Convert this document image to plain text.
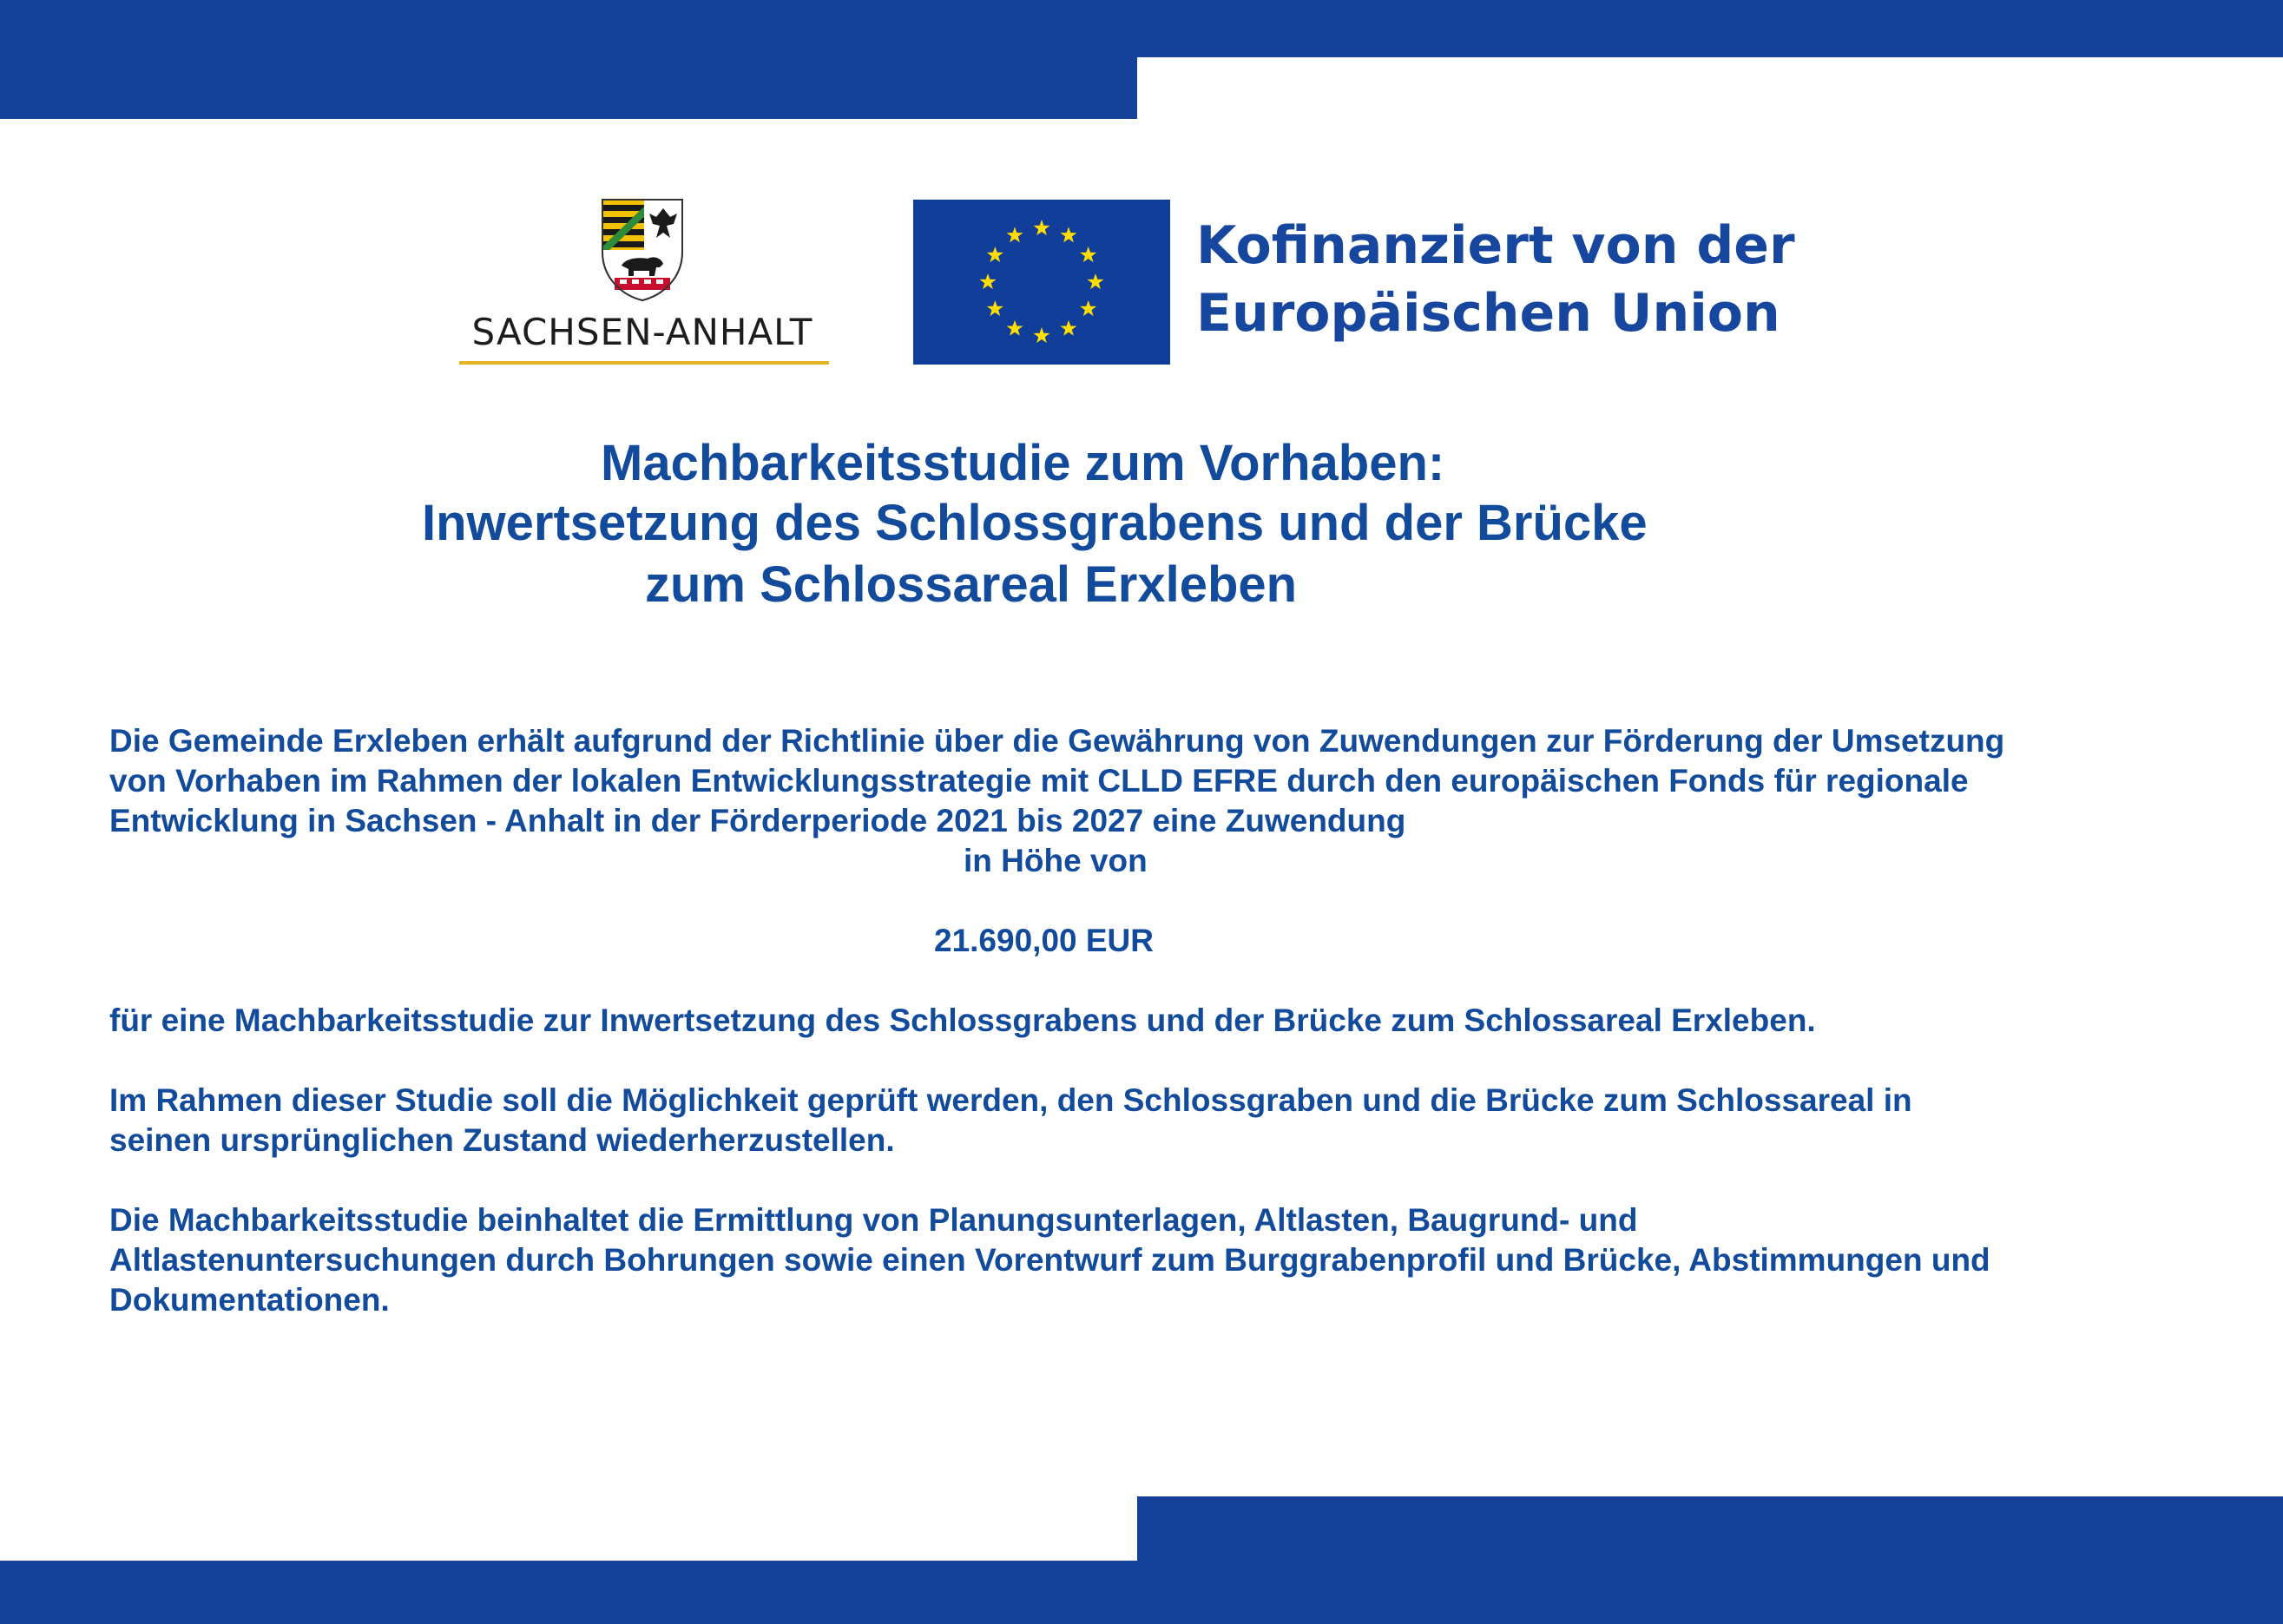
SACHSEN-ANHALT
Kofinanziert von der
Europäischen Union
Machbarkeitsstudie zum Vorhaben:
Inwertsetzung des Schlossgrabens und der Brücke
zum Schlossareal Erxleben
Die Gemeinde Erxleben erhält aufgrund der Richtlinie über die Gewährung von Zuwendungen zur Förderung der Umsetzung
von Vorhaben im Rahmen der lokalen Entwicklungsstrategie mit CLLD EFRE durch den europäischen Fonds für regionale
Entwicklung in Sachsen - Anhalt in der Förderperiode 2021 bis 2027 eine Zuwendung
in Höhe von
21.690,00 EUR
für eine Machbarkeitsstudie zur Inwertsetzung des Schlossgrabens und der Brücke zum Schlossareal Erxleben.
Im Rahmen dieser Studie soll die Möglichkeit geprüft werden, den Schlossgraben und die Brücke zum Schlossareal in
seinen ursprünglichen Zustand wiederherzustellen.
Die Machbarkeitsstudie beinhaltet die Ermittlung von Planungsunterlagen, Altlasten, Baugrund- und
Altlastenuntersuchungen durch Bohrungen sowie einen Vorentwurf zum Burggrabenprofil und Brücke, Abstimmungen und
Dokumentationen.
